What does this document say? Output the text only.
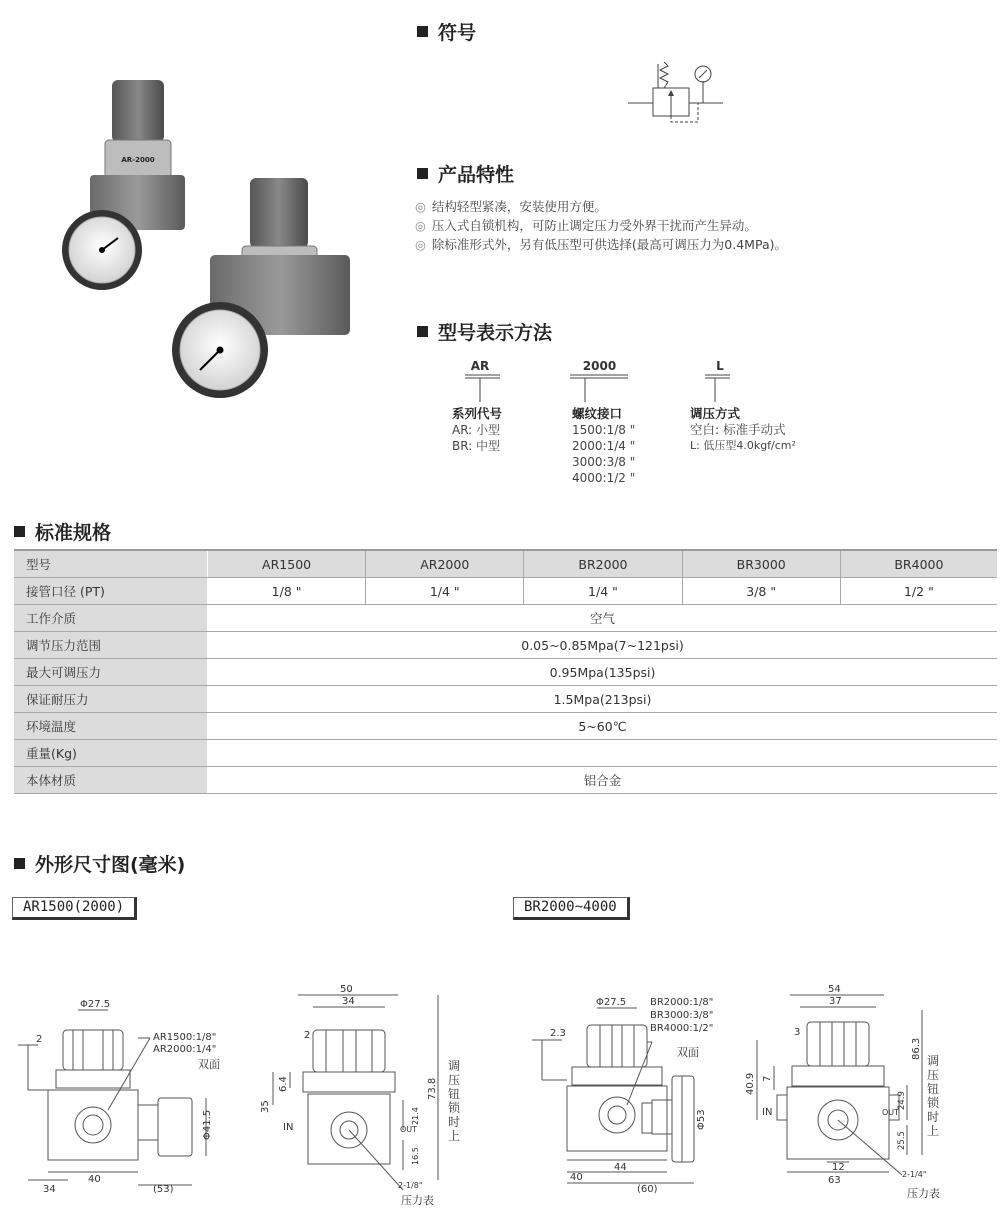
AR-2000
符号
产品特性
◎ 结构轻型紧凑，安装使用方便。
◎ 压入式自锁机构，可防止调定压力受外界干扰而产生异动。
◎ 除标准形式外，另有低压型可供选择(最高可调压力为0.4MPa)。
型号表示方法
AR	2000	L
系列代号
AR: 小型
BR: 中型
螺纹接口
1500:1/8 "
2000:1/4 "
3000:3/8 "
4000:1/2 "
调压方式
空白: 标准手动式
L: 低压型4.0kgf/cm²
标准规格
型号	AR1500	AR2000	BR2000	BR3000	BR4000
接管口径 (PT)	1/8 "	1/4 "	1/4 "	3/8 "	1/2 "
工作介质	空气				
调节压力范围	0.05~0.85Mpa(7~121psi)				
最大可调压力	0.95Mpa(135psi)				
保证耐压力	1.5Mpa(213psi)				
环境温度	5~60℃				
重量(Kg)					
本体材质	铝合金				
外形尺寸图(毫米)
AR1500(2000)	BR2000~4000
Φ27.5
AR1500:1/8"
AR2000:1/4"
双面
2
34
40
(53)
Φ41.5
50
34
2
6.4
35
73.8
21.4
16.5
IN	OUT
2-1/8"
压力表
调
压
钮
锁
时
上
Φ27.5 BR2000:1/8"
BR3000:3/8"
BR4000:1/2"
双面
2.3
40
44
(60)
Φ53
54
37
3
7
40.9
86.3
24.9
25.5
12
63
IN	OUT
2-1/4"
压力表
调
压
钮
锁
时
上
